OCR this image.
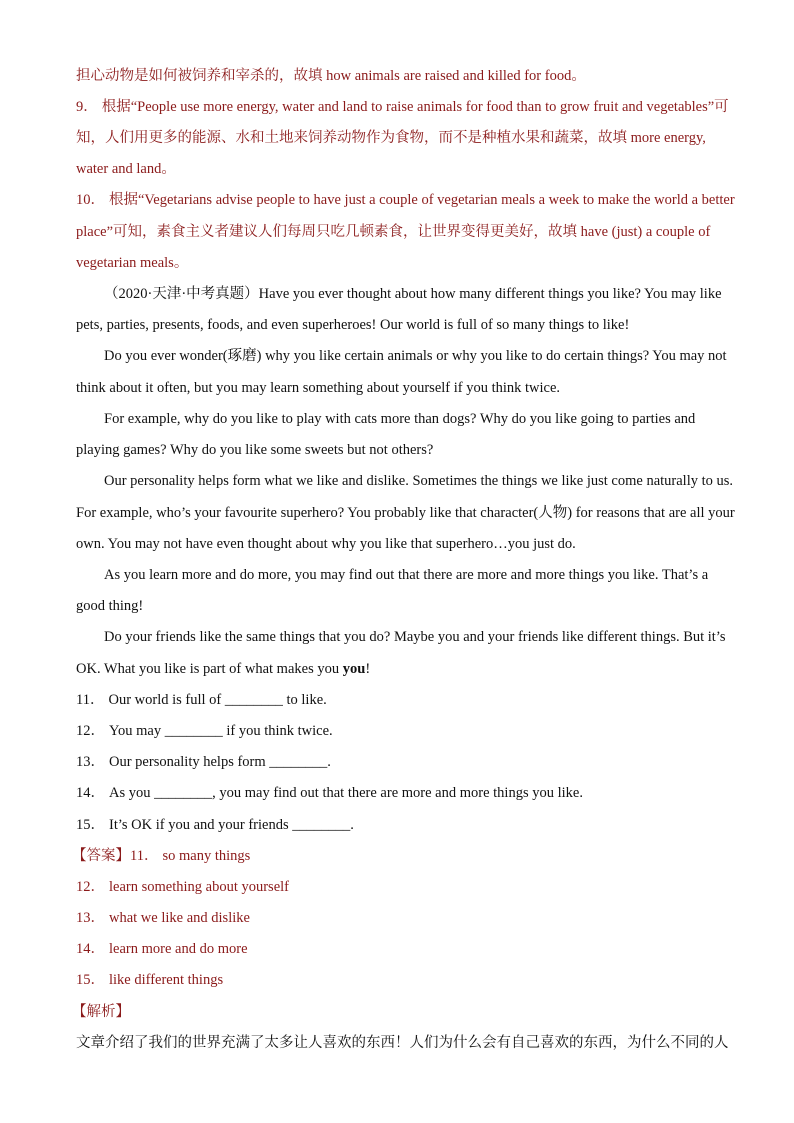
担心动物是如何被饲养和宰杀的，故填 how animals are raised and killed for food。
9． 根据“People use more energy, water and land to raise animals for food than to grow fruit and vegetables”可
知，人们用更多的能源、水和土地来饲养动物作为食物，而不是种植水果和蔬菜，故填 more energy,
water and land。
10． 根据“Vegetarians advise people to have just a couple of vegetarian meals a week to make the world a better
place”可知，素食主义者建议人们每周只吃几顿素食，让世界变得更美好，故填 have (just) a couple of
vegetarian meals。
（2020·天津·中考真题）Have you ever thought about how many different things you like? You may like
pets, parties, presents, foods, and even superheroes! Our world is full of so many things to like!
Do you ever wonder(琢磨) why you like certain animals or why you like to do certain things? You may not
think about it often, but you may learn something about yourself if you think twice.
For example, why do you like to play with cats more than dogs? Why do you like going to parties and
playing games? Why do you like some sweets but not others?
Our personality helps form what we like and dislike. Sometimes the things we like just come naturally to us.
For example, who’s your favourite superhero? You probably like that character(人物) for reasons that are all your
own. You may not have even thought about why you like that superhero…you just do.
As you learn more and do more, you may find out that there are more and more things you like. That’s a
good thing!
Do your friends like the same things that you do? Maybe you and your friends like different things. But it’s
OK. What you like is part of what makes you you!
11． Our world is full of ________ to like.
12． You may ________ if you think twice.
13． Our personality helps form ________.
14． As you ________, you may find out that there are more and more things you like.
15． It’s OK if you and your friends ________.
【答案】11． so many things
12． learn something about yourself
13． what we like and dislike
14． learn more and do more
15． like different things
【解析】
文章介绍了我们的世界充满了太多让人喜欢的东西！人们为什么会有自己喜欢的东西，为什么不同的人
